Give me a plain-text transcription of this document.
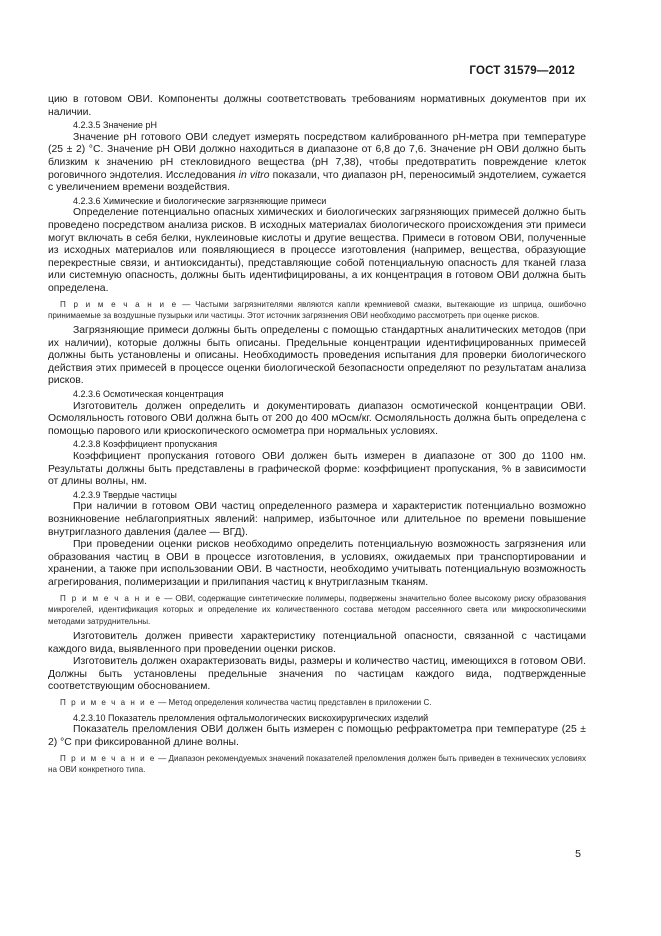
ГОСТ 31579—2012

цию в готовом ОВИ. Компоненты должны соответствовать требованиям нормативных документов при их наличии.

4.2.3.5 Значение рН

Значение рН готового ОВИ следует измерять посредством калиброванного рН-метра при температуре (25 ± 2) °С. Значение рН ОВИ должно находиться в диапазоне от 6,8 до 7,6. Значение рН ОВИ должно быть близким к значению рН стекловидного вещества (рН 7,38), чтобы предотвратить повреждение клеток роговичного эндотелия. Исследования in vitro показали, что диапазон рН, переносимый эндотелием, сужается с увеличением времени воздействия.

4.2.3.6 Химические и биологические загрязняющие примеси

Определение потенциально опасных химических и биологических загрязняющих примесей должно быть проведено посредством анализа рисков. В исходных материалах биологического происхождения эти примеси могут включать в себя белки, нуклеиновые кислоты и другие вещества. Примеси в готовом ОВИ, полученные из исходных материалов или появляющиеся в процессе изготовления (например, вещества, образующие перекрестные связи, и антиоксиданты), представляющие собой потенциальную опасность для тканей глаза или системную опасность, должны быть идентифицированы, а их концентрация в готовом ОВИ должна быть определена.

П р и м е ч а н и е — Частыми загрязнителями являются капли кремниевой смазки, вытекающие из шприца, ошибочно принимаемые за воздушные пузырьки или частицы. Этот источник загрязнения ОВИ необходимо рассмотреть при оценке рисков.

Загрязняющие примеси должны быть определены с помощью стандартных аналитических методов (при их наличии), которые должны быть описаны. Предельные концентрации идентифицированных примесей должны быть установлены и описаны. Необходимость проведения испытания для проверки биологического действия этих примесей в процессе оценки биологической безопасности определяют по результатам анализа рисков.

4.2.3.6 Осмотическая концентрация

Изготовитель должен определить и документировать диапазон осмотической концентрации ОВИ. Осмоляльность готового ОВИ должна быть от 200 до 400 мОсм/кг. Осмоляльность должна быть определена с помощью парового или криоскопического осмометра при нормальных условиях.

4.2.3.8 Коэффициент пропускания

Коэффициент пропускания готового ОВИ должен быть измерен в диапазоне от 300 до 1100 нм. Результаты должны быть представлены в графической форме: коэффициент пропускания, % в зависимости от длины волны, нм.

4.2.3.9 Твердые частицы

При наличии в готовом ОВИ частиц определенного размера и характеристик потенциально возможно возникновение неблагоприятных явлений: например, избыточное или длительное по времени повышение внутриглазного давления (далее — ВГД).

При проведении оценки рисков необходимо определить потенциальную возможность загрязнения или образования частиц в ОВИ в процессе изготовления, в условиях, ожидаемых при транспортировании и хранении, а также при использовании ОВИ. В частности, необходимо учитывать потенциальную возможность агрегирования, полимеризации и прилипания частиц к внутриглазным тканям.

П р и м е ч а н и е — ОВИ, содержащие синтетические полимеры, подвержены значительно более высокому риску образования микрогелей, идентификация которых и определение их количественного состава методом рассеянного света или микроскопическими методами затруднительны.

Изготовитель должен привести характеристику потенциальной опасности, связанной с частицами каждого вида, выявленного при проведении оценки рисков.

Изготовитель должен охарактеризовать виды, размеры и количество частиц, имеющихся в готовом ОВИ. Должны быть установлены предельные значения по частицам каждого вида, подтвержденные соответствующим обоснованием.

П р и м е ч а н и е — Метод определения количества частиц представлен в приложении С.

4.2.3.10 Показатель преломления офтальмологических вискохирургических изделий

Показатель преломления ОВИ должен быть измерен с помощью рефрактометра при температуре (25 ± 2) °С при фиксированной длине волны.

П р и м е ч а н и е — Диапазон рекомендуемых значений показателей преломления должен быть приведен в технических условиях на ОВИ конкретного типа.

5
